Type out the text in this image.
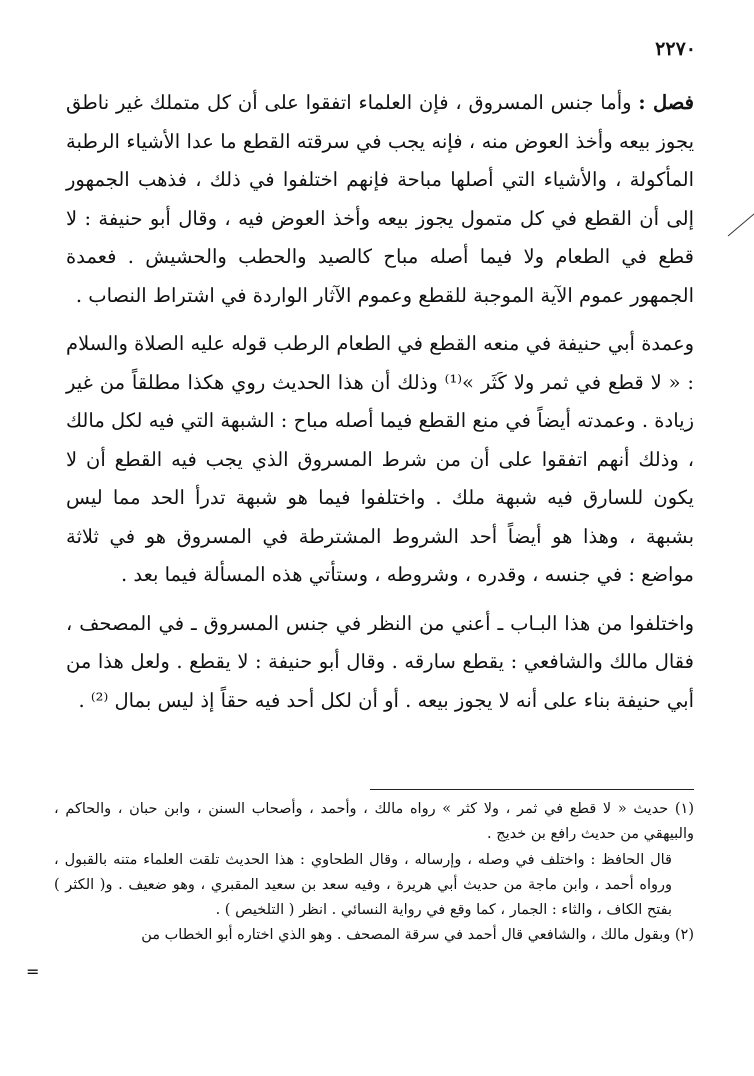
٢٢٧٠

فصل : وأما جنس المسروق ، فإن العلماء اتفقوا على أن كل متملك غير ناطق يجوز بيعه وأخذ العوض منه ، فإنه يجب في سرقته القطع ما عدا الأشياء الرطبة المأكولة ، والأشياء التي أصلها مباحة فإنهم اختلفوا في ذلك ، فذهب الجمهور إلى أن القطع في كل متمول يجوز بيعه وأخذ العوض فيه ، وقال أبو حنيفة : لا قطع في الطعام ولا فيما أصله مباح كالصيد والحطب والحشيش . فعمدة الجمهور عموم الآية الموجبة للقطع وعموم الآثار الواردة في اشتراط النصاب .

وعمدة أبي حنيفة في منعه القطع في الطعام الرطب قوله عليه الصلاة والسلام : « لا قطع في ثمر ولا كَثَر »⁽¹⁾ وذلك أن هذا الحديث روي هكذا مطلقاً من غير زيادة . وعمدته أيضاً في منع القطع فيما أصله مباح : الشبهة التي فيه لكل مالك ، وذلك أنهم اتفقوا على أن من شرط المسروق الذي يجب فيه القطع أن لا يكون للسارق فيه شبهة ملك . واختلفوا فيما هو شبهة تدرأ الحد مما ليس بشبهة ، وهذا هو أيضاً أحد الشروط المشترطة في المسروق هو في ثلاثة مواضع : في جنسه ، وقدره ، وشروطه ، وستأتي هذه المسألة فيما بعد .

واختلفوا من هذا البـاب ـ أعني من النظر في جنس المسروق ـ في المصحف ، فقال مالك والشافعي : يقطع سارقه . وقال أبو حنيفة : لا يقطع . ولعل هذا من أبي حنيفة بناء على أنه لا يجوز بيعه . أو أن لكل أحد فيه حقاً إذ ليس بمال ⁽²⁾ .

(١) حديث « لا قطع في ثمر ، ولا كثر » رواه مالك ، وأحمد ، وأصحاب السنن ، وابن حبان ، والحاكم ، والبيهقي من حديث رافع بن خديج .

قال الحافظ : واختلف في وصله ، وإرساله ، وقال الطحاوي : هذا الحديث تلقت العلماء متنه بالقبول ، ورواه أحمد ، وابن ماجة من حديث أبي هريرة ، وفيه سعد بن سعيد المقبري ، وهو ضعيف . و( الكثر ) بفتح الكاف ، والثاء : الجمار ، كما وقع في رواية النسائي . انظر ( التلخيص ) .

(٢) وبقول مالك ، والشافعي قال أحمد في سرقة المصحف . وهو الذي اختاره أبو الخطاب من

=
